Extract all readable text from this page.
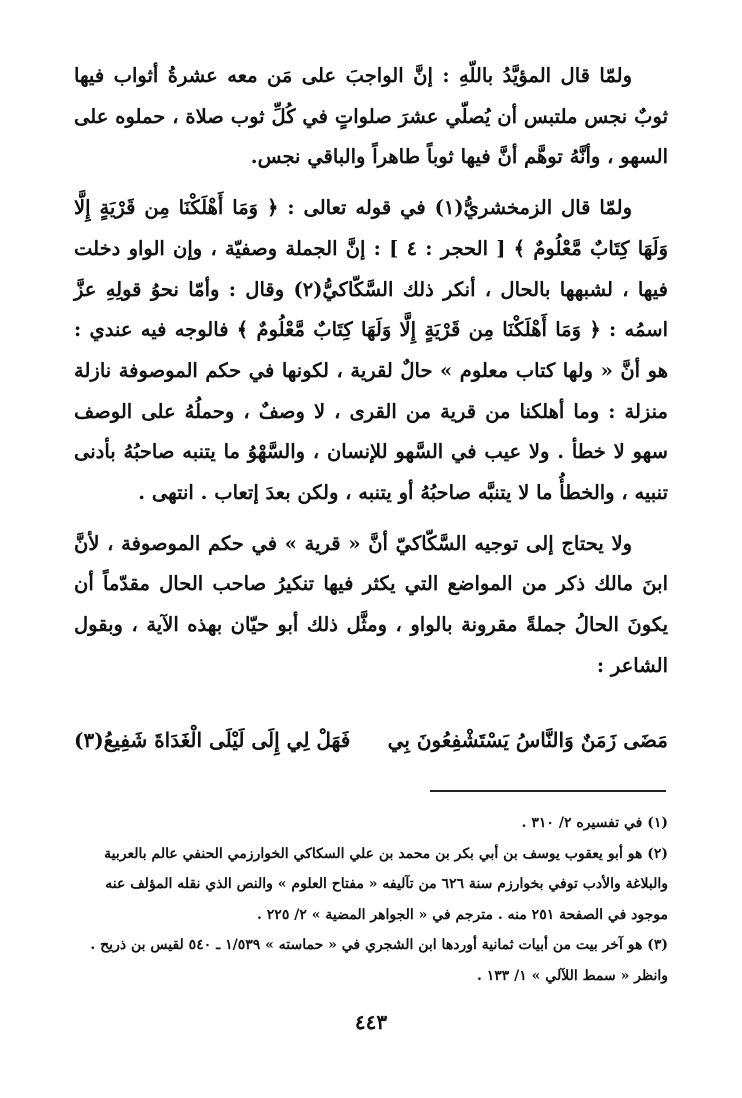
ولمّا قال المؤيَّدُ باللّهِ : إنَّ الواجبَ على مَن معه عشرةُ أثواب فيها ثوبٌ نجس ملتبس أن يُصلّي عشرَ صلواتٍ في كُلِّ ثوب صلاة ، حملوه على السهو ، وأنَّهُ توهَّم أنَّ فيها ثوباً طاهراً والباقي نجس.

ولمّا قال الزمخشريُّ(١) في قوله تعالى : ﴿ وَمَا أَهْلَكْنَا مِن قَرْيَةٍ إِلَّا وَلَهَا كِتَابٌ مَّعْلُومٌ ﴾ [ الحجر : ٤ ] : إنَّ الجملة وصفيّة ، وإن الواو دخلت فيها ، لشبهها بالحال ، أنكر ذلك السَّكّاكيُّ(٢) وقال : وأمّا نحوُ قولِهِ عزَّ اسمُه : ﴿ وَمَا أَهْلَكْنَا مِن قَرْيَةٍ إِلَّا وَلَهَا كِتَابٌ مَّعْلُومٌ ﴾ فالوجه فيه عندي : هو أنَّ « ولها كتاب معلوم » حالٌ لقرية ، لكونها في حكم الموصوفة نازلة منزلة : وما أهلكنا من قرية من القرى ، لا وصفٌ ، وحملُهُ على الوصف سهو لا خطأ . ولا عيب في السَّهو للإنسان ، والسَّهْوُ ما يتنبه صاحبُهُ بأدنى تنبيه ، والخطأُ ما لا يتنبَّه صاحبُهُ أو يتنبه ، ولكن بعدَ إتعاب . انتهى .

ولا يحتاج إلى توجيه السَّكّاكيّ أنَّ « قرية » في حكم الموصوفة ، لأنَّ ابنَ مالك ذكر من المواضع التي يكثر فيها تنكيرُ صاحب الحال مقدّماً أن يكونَ الحالُ جملةً مقرونة بالواو ، ومثَّل ذلك أبو حيّان بهذه الآية ، وبقول الشاعر :

مَضَى زَمَنٌ وَالنَّاسُ يَسْتَشْفِعُونَ بِي
فَهَلْ لِي إِلَى لَيْلَى الْغَدَاةَ شَفِيعُ(٣)

(١) في تفسيره ٢/ ٣١٠ .

(٢) هو أبو يعقوب يوسف بن أبي بكر بن محمد بن علي السكاكي الخوارزمي الحنفي عالم بالعربية والبلاغة والأدب توفي بخوارزم سنة ٦٢٦ من تآليفه « مفتاح العلوم » والنص الذي نقله المؤلف عنه موجود في الصفحة ٢٥١ منه . مترجم في « الجواهر المضية » ٢/ ٢٢٥ .

(٣) هو آخر بيت من أبيات ثمانية أوردها ابن الشجري في « حماسته » ١/٥٣٩ ـ ٥٤٠ لقيس بن ذريح . وانظر « سمط اللآلي » ١/ ١٣٣ .

٤٤٣
